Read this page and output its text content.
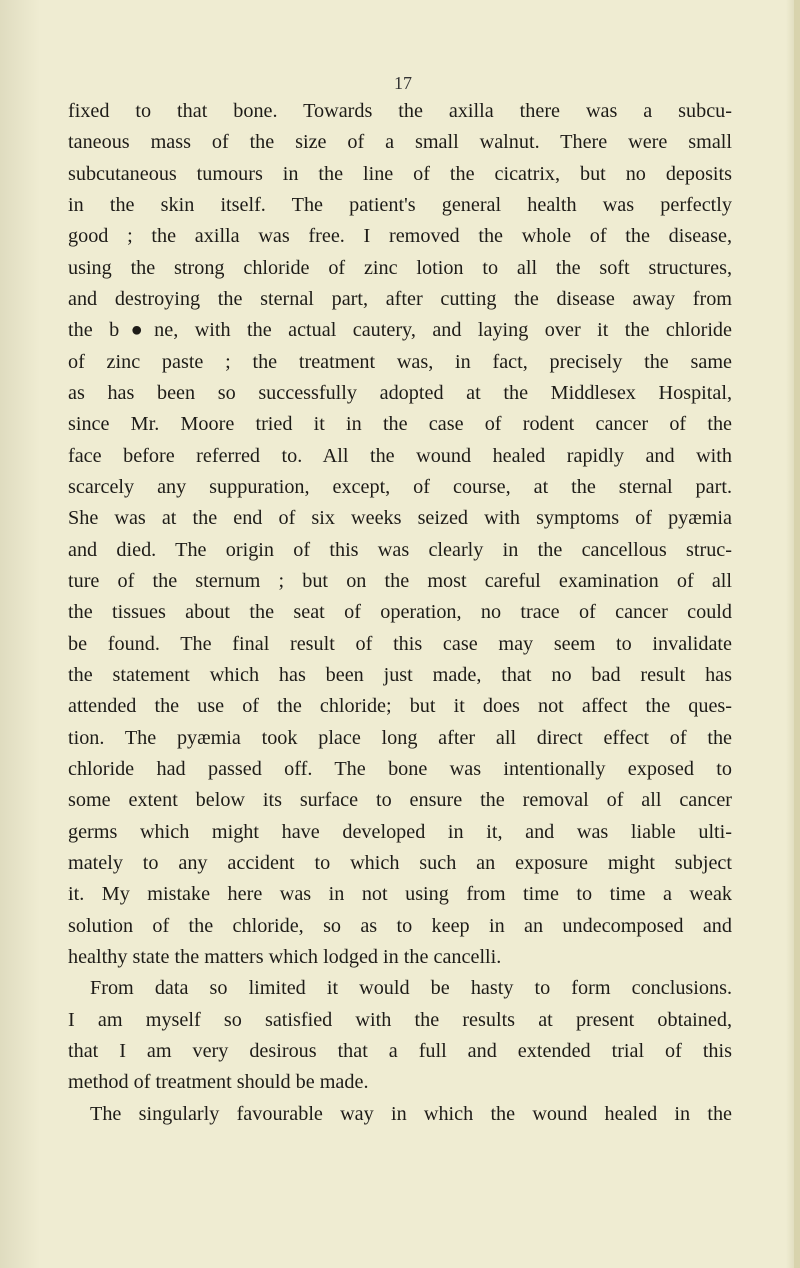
17
fixed to that bone. Towards the axilla there was a subcu-
taneous mass of the size of a small walnut. There were small
subcutaneous tumours in the line of the cicatrix, but no deposits
in the skin itself. The patient's general health was perfectly
good ; the axilla was free. I removed the whole of the disease,
using the strong chloride of zinc lotion to all the soft structures,
and destroying the sternal part, after cutting the disease away from
the b●ne, with the actual cautery, and laying over it the chloride
of zinc paste ; the treatment was, in fact, precisely the same
as has been so successfully adopted at the Middlesex Hospital,
since Mr. Moore tried it in the case of rodent cancer of the
face before referred to. All the wound healed rapidly and with
scarcely any suppuration, except, of course, at the sternal part.
She was at the end of six weeks seized with symptoms of pyæmia
and died. The origin of this was clearly in the cancellous struc-
ture of the sternum ; but on the most careful examination of all
the tissues about the seat of operation, no trace of cancer could
be found. The final result of this case may seem to invalidate
the statement which has been just made, that no bad result has
attended the use of the chloride; but it does not affect the ques-
tion. The pyæmia took place long after all direct effect of the
chloride had passed off. The bone was intentionally exposed to
some extent below its surface to ensure the removal of all cancer
germs which might have developed in it, and was liable ulti-
mately to any accident to which such an exposure might subject
it. My mistake here was in not using from time to time a weak
solution of the chloride, so as to keep in an undecomposed and
healthy state the matters which lodged in the cancelli.
From data so limited it would be hasty to form conclusions.
I am myself so satisfied with the results at present obtained,
that I am very desirous that a full and extended trial of this
method of treatment should be made.
The singularly favourable way in which the wound healed in the
